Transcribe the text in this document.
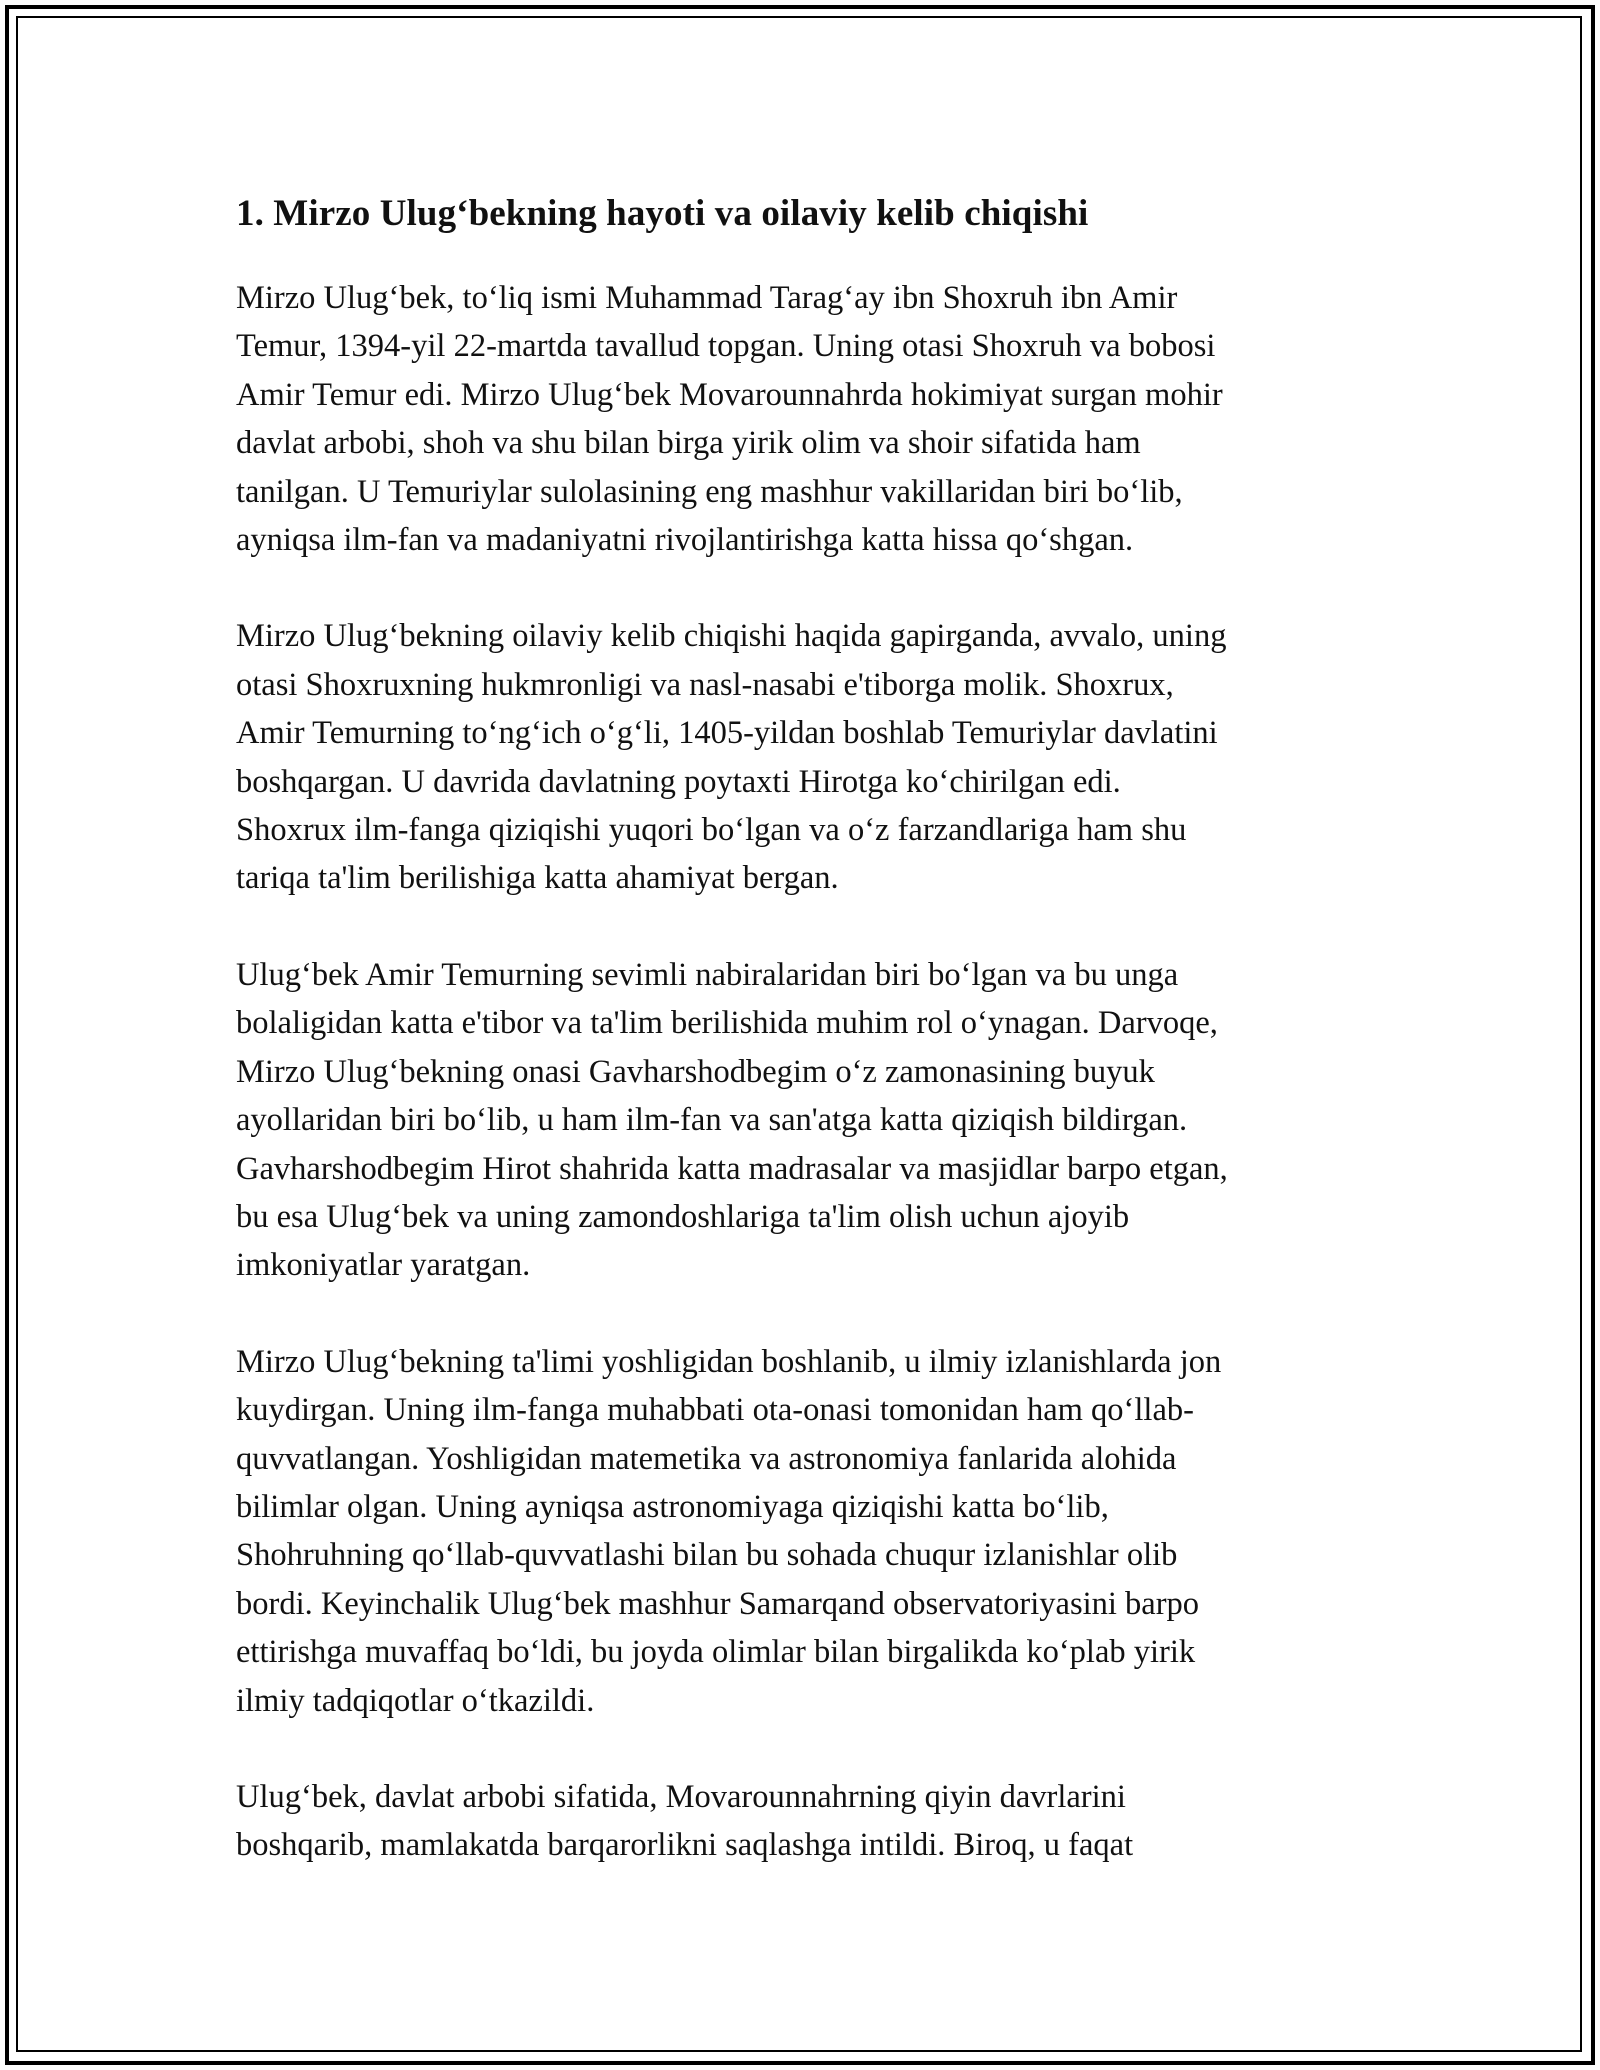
1. Mirzo Ulug‘bekning hayoti va oilaviy kelib chiqishi

Mirzo Ulug‘bek, to‘liq ismi Muhammad Tarag‘ay ibn Shoxruh ibn Amir
Temur, 1394-yil 22-martda tavallud topgan. Uning otasi Shoxruh va bobosi
Amir Temur edi. Mirzo Ulug‘bek Movarounnahrda hokimiyat surgan mohir
davlat arbobi, shoh va shu bilan birga yirik olim va shoir sifatida ham
tanilgan. U Temuriylar sulolasining eng mashhur vakillaridan biri bo‘lib,
ayniqsa ilm-fan va madaniyatni rivojlantirishga katta hissa qo‘shgan.

Mirzo Ulug‘bekning oilaviy kelib chiqishi haqida gapirganda, avvalo, uning
otasi Shoxruxning hukmronligi va nasl-nasabi e'tiborga molik. Shoxrux,
Amir Temurning to‘ng‘ich o‘g‘li, 1405-yildan boshlab Temuriylar davlatini
boshqargan. U davrida davlatning poytaxti Hirotga ko‘chirilgan edi.
Shoxrux ilm-fanga qiziqishi yuqori bo‘lgan va o‘z farzandlariga ham shu
tariqa ta'lim berilishiga katta ahamiyat bergan.

Ulug‘bek Amir Temurning sevimli nabiralaridan biri bo‘lgan va bu unga
bolaligidan katta e'tibor va ta'lim berilishida muhim rol o‘ynagan. Darvoqe,
Mirzo Ulug‘bekning onasi Gavharshodbegim o‘z zamonasining buyuk
ayollaridan biri bo‘lib, u ham ilm-fan va san'atga katta qiziqish bildirgan.
Gavharshodbegim Hirot shahrida katta madrasalar va masjidlar barpo etgan,
bu esa Ulug‘bek va uning zamondoshlariga ta'lim olish uchun ajoyib
imkoniyatlar yaratgan.

Mirzo Ulug‘bekning ta'limi yoshligidan boshlanib, u ilmiy izlanishlarda jon
kuydirgan. Uning ilm-fanga muhabbati ota-onasi tomonidan ham qo‘llab-
quvvatlangan. Yoshligidan matemetika va astronomiya fanlarida alohida
bilimlar olgan. Uning ayniqsa astronomiyaga qiziqishi katta bo‘lib,
Shohruhning qo‘llab-quvvatlashi bilan bu sohada chuqur izlanishlar olib
bordi. Keyinchalik Ulug‘bek mashhur Samarqand observatoriyasini barpo
ettirishga muvaffaq bo‘ldi, bu joyda olimlar bilan birgalikda ko‘plab yirik
ilmiy tadqiqotlar o‘tkazildi.

Ulug‘bek, davlat arbobi sifatida, Movarounnahrning qiyin davrlarini
boshqarib, mamlakatda barqarorlikni saqlashga intildi. Biroq, u faqat
